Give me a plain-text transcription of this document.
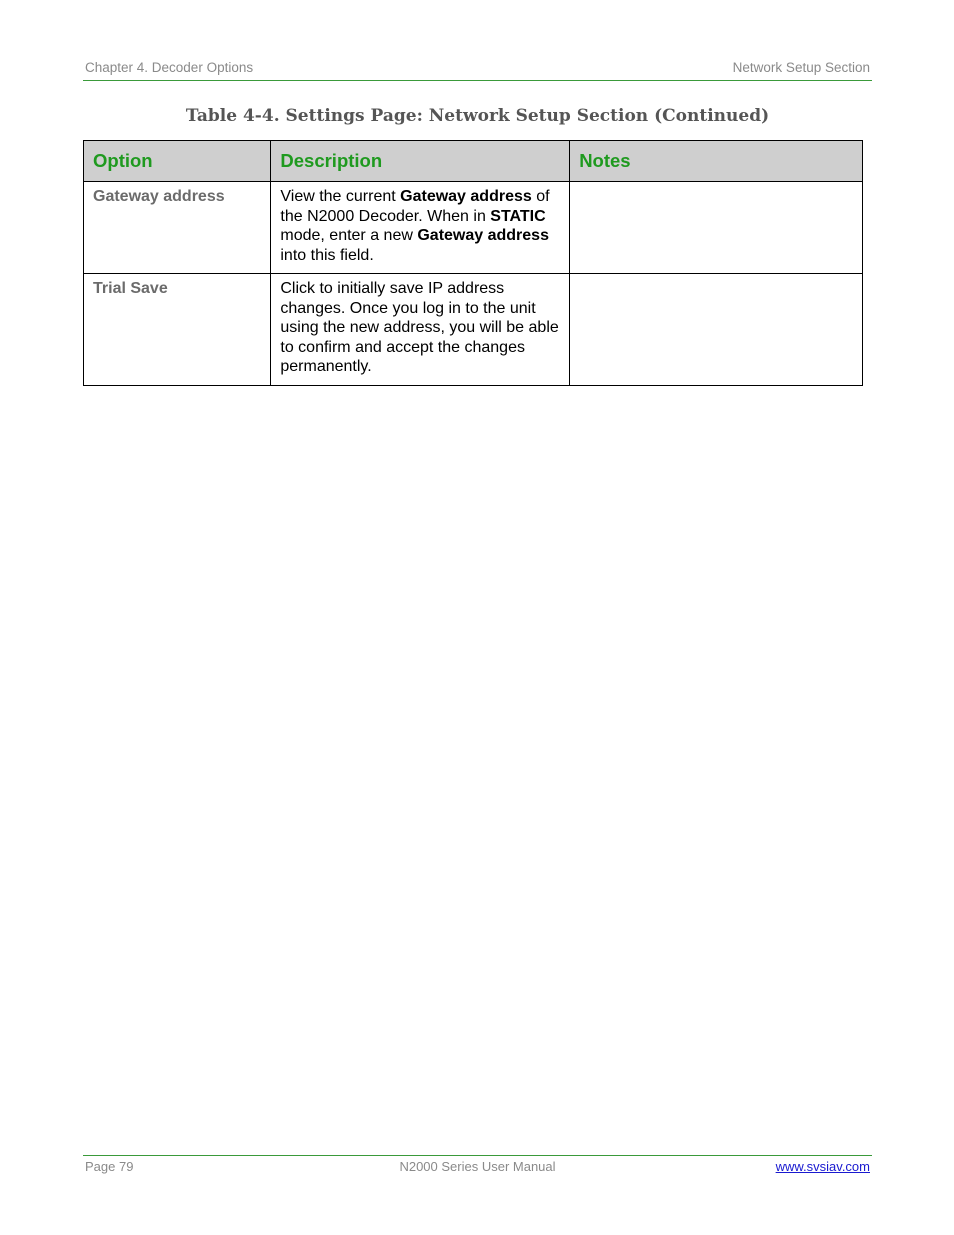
Chapter 4. Decoder Options	Network Setup Section
Table 4-4. Settings Page: Network Setup Section (Continued)
Option	Description	Notes
Gateway address	View the current Gateway address of the N2000 Decoder. When in STATIC mode, enter a new Gateway address into this field.	
Trial Save	Click to initially save IP address changes. Once you log in to the unit using the new address, you will be able to confirm and accept the changes permanently.	
Page 79	N2000 Series User Manual	www.svsiav.com
